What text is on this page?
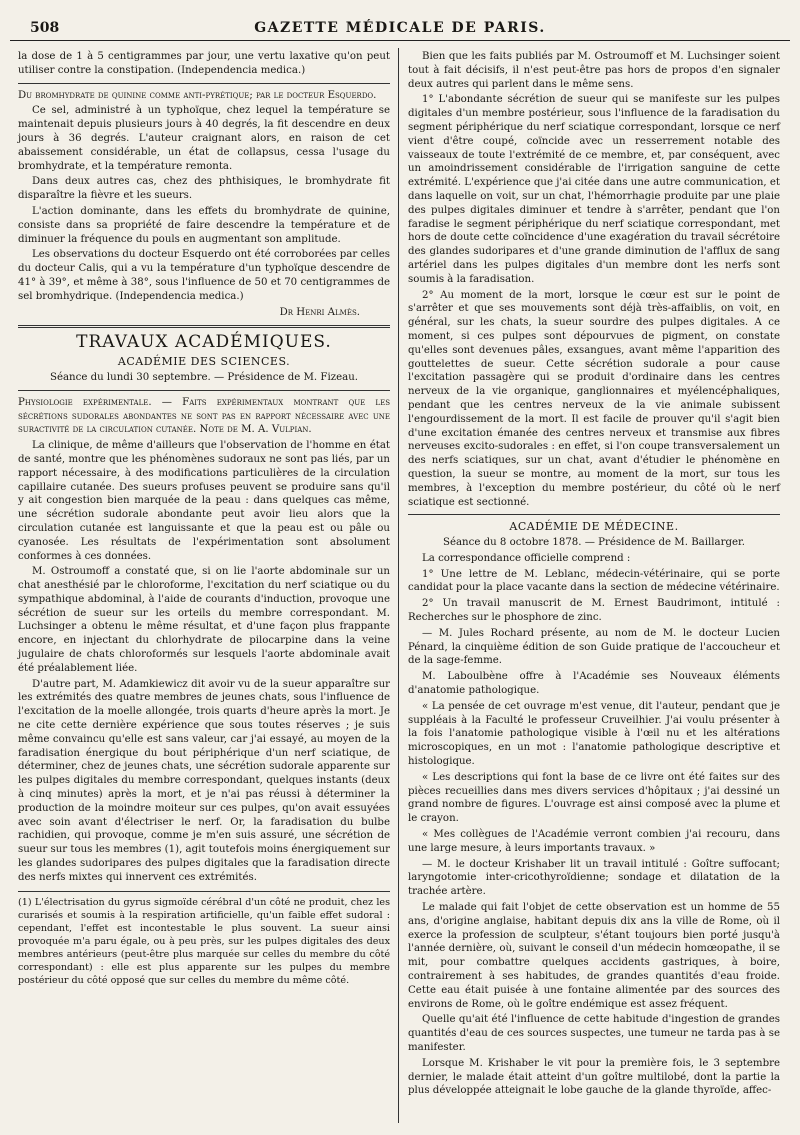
508	GAZETTE MÉDICALE DE PARIS.

la dose de 1 à 5 centigrammes par jour, une vertu laxative qu'on peut utiliser contre la constipation. (Independencia medica.)

Du bromhydrate de quinine comme anti-pyrétique; par le docteur Esquerdo.

Ce sel, administré à un typhoïque, chez lequel la température se maintenait depuis plusieurs jours à 40 degrés, la fit descendre en deux jours à 36 degrés. L'auteur craignant alors, en raison de cet abaissement considérable, un état de collapsus, cessa l'usage du bromhydrate, et la température remonta.

Dans deux autres cas, chez des phthisiques, le bromhydrate fit disparaître la fièvre et les sueurs.

L'action dominante, dans les effets du bromhydrate de quinine, consiste dans sa propriété de faire descendre la température et de diminuer la fréquence du pouls en augmentant son amplitude.

Les observations du docteur Esquerdo ont été corroborées par celles du docteur Calis, qui a vu la température d'un typhoïque descendre de 41° à 39°, et même à 38°, sous l'influence de 50 et 70 centigrammes de sel bromhydrique. (Independencia medica.)

Dr Henri Almès.

TRAVAUX ACADÉMIQUES.
ACADÉMIE DES SCIENCES.

Séance du lundi 30 septembre. — Présidence de M. Fizeau.

Physiologie expérimentale. — Faits expérimentaux montrant que les sécrétions sudorales abondantes ne sont pas en rapport nécessaire avec une suractivité de la circulation cutanée. Note de M. A. Vulpian.

La clinique, de même d'ailleurs que l'observation de l'homme en état de santé, montre que les phénomènes sudoraux ne sont pas liés, par un rapport nécessaire, à des modifications particulières de la circulation capillaire cutanée. Des sueurs profuses peuvent se produire sans qu'il y ait congestion bien marquée de la peau : dans quelques cas même, une sécrétion sudorale abondante peut avoir lieu alors que la circulation cutanée est languissante et que la peau est ou pâle ou cyanosée. Les résultats de l'expérimentation sont absolument conformes à ces données.

M. Ostroumoff a constaté que, si on lie l'aorte abdominale sur un chat anesthésié par le chloroforme, l'excitation du nerf sciatique ou du sympathique abdominal, à l'aide de courants d'induction, provoque une sécrétion de sueur sur les orteils du membre correspondant. M. Luchsinger a obtenu le même résultat, et d'une façon plus frappante encore, en injectant du chlorhydrate de pilocarpine dans la veine jugulaire de chats chloroformés sur lesquels l'aorte abdominale avait été préalablement liée.

D'autre part, M. Adamkiewicz dit avoir vu de la sueur apparaître sur les extrémités des quatre membres de jeunes chats, sous l'influence de l'excitation de la moelle allongée, trois quarts d'heure après la mort. Je ne cite cette dernière expérience que sous toutes réserves ; je suis même convaincu qu'elle est sans valeur, car j'ai essayé, au moyen de la faradisation énergique du bout périphérique d'un nerf sciatique, de déterminer, chez de jeunes chats, une sécrétion sudorale apparente sur les pulpes digitales du membre correspondant, quelques instants (deux à cinq minutes) après la mort, et je n'ai pas réussi à déterminer la production de la moindre moiteur sur ces pulpes, qu'on avait essuyées avec soin avant d'électriser le nerf. Or, la faradisation du bulbe rachidien, qui provoque, comme je m'en suis assuré, une sécrétion de sueur sur tous les membres (1), agit toutefois moins énergiquement sur les glandes sudoripares des pulpes digitales que la faradisation directe des nerfs mixtes qui innervent ces extrémités.

(1) L'électrisation du gyrus sigmoïde cérébral d'un côté ne produit, chez les curarisés et soumis à la respiration artificielle, qu'un faible effet sudoral : cependant, l'effet est incontestable le plus souvent. La sueur ainsi provoquée m'a paru égale, ou à peu près, sur les pulpes digitales des deux membres antérieurs (peut-être plus marquée sur celles du membre du côté correspondant) : elle est plus apparente sur les pulpes du membre postérieur du côté opposé que sur celles du membre du même côté.

Bien que les faits publiés par M. Ostroumoff et M. Luchsinger soient tout à fait décisifs, il n'est peut-être pas hors de propos d'en signaler deux autres qui parlent dans le même sens.

1° L'abondante sécrétion de sueur qui se manifeste sur les pulpes digitales d'un membre postérieur, sous l'influence de la faradisation du segment périphérique du nerf sciatique correspondant, lorsque ce nerf vient d'être coupé, coïncide avec un resserrement notable des vaisseaux de toute l'extrémité de ce membre, et, par conséquent, avec un amoindrissement considérable de l'irrigation sanguine de cette extrémité. L'expérience que j'ai citée dans une autre communication, et dans laquelle on voit, sur un chat, l'hémorrhagie produite par une plaie des pulpes digitales diminuer et tendre à s'arrêter, pendant que l'on faradise le segment périphérique du nerf sciatique correspondant, met hors de doute cette coïncidence d'une exagération du travail sécrétoire des glandes sudoripares et d'une grande diminution de l'afflux de sang artériel dans les pulpes digitales d'un membre dont les nerfs sont soumis à la faradisation.

2° Au moment de la mort, lorsque le cœur est sur le point de s'arrêter et que ses mouvements sont déjà très-affaiblis, on voit, en général, sur les chats, la sueur sourdre des pulpes digitales. A ce moment, si ces pulpes sont dépourvues de pigment, on constate qu'elles sont devenues pâles, exsangues, avant même l'apparition des gouttelettes de sueur. Cette sécrétion sudorale a pour cause l'excitation passagère qui se produit d'ordinaire dans les centres nerveux de la vie organique, ganglionnaires et myélencéphaliques, pendant que les centres nerveux de la vie animale subissent l'engourdissement de la mort. Il est facile de prouver qu'il s'agit bien d'une excitation émanée des centres nerveux et transmise aux fibres nerveuses excito-sudorales : en effet, si l'on coupe transversalement un des nerfs sciatiques, sur un chat, avant d'étudier le phénomène en question, la sueur se montre, au moment de la mort, sur tous les membres, à l'exception du membre postérieur, du côté où le nerf sciatique est sectionné.

ACADÉMIE DE MÉDECINE.

Séance du 8 octobre 1878. — Présidence de M. Baillarger.

La correspondance officielle comprend :

1° Une lettre de M. Leblanc, médecin-vétérinaire, qui se porte candidat pour la place vacante dans la section de médecine vétérinaire.

2° Un travail manuscrit de M. Ernest Baudrimont, intitulé : Recherches sur le phosphore de zinc.

— M. Jules Rochard présente, au nom de M. le docteur Lucien Pénard, la cinquième édition de son Guide pratique de l'accoucheur et de la sage-femme.

M. Laboulbène offre à l'Académie ses Nouveaux éléments d'anatomie pathologique.

« La pensée de cet ouvrage m'est venue, dit l'auteur, pendant que je suppléais à la Faculté le professeur Cruveilhier. J'ai voulu présenter à la fois l'anatomie pathologique visible à l'œil nu et les altérations microscopiques, en un mot : l'anatomie pathologique descriptive et histologique.

« Les descriptions qui font la base de ce livre ont été faites sur des pièces recueillies dans mes divers services d'hôpitaux ; j'ai dessiné un grand nombre de figures. L'ouvrage est ainsi composé avec la plume et le crayon.

« Mes collègues de l'Académie verront combien j'ai recouru, dans une large mesure, à leurs importants travaux. »

— M. le docteur Krishaber lit un travail intitulé : Goître suffocant; laryngotomie inter-cricothyroïdienne; sondage et dilatation de la trachée artère.

Le malade qui fait l'objet de cette observation est un homme de 55 ans, d'origine anglaise, habitant depuis dix ans la ville de Rome, où il exerce la profession de sculpteur, s'étant toujours bien porté jusqu'à l'année dernière, où, suivant le conseil d'un médecin homœopathe, il se mit, pour combattre quelques accidents gastriques, à boire, contrairement à ses habitudes, de grandes quantités d'eau froide. Cette eau était puisée à une fontaine alimentée par des sources des environs de Rome, où le goître endémique est assez fréquent.

Quelle qu'ait été l'influence de cette habitude d'ingestion de grandes quantités d'eau de ces sources suspectes, une tumeur ne tarda pas à se manifester.

Lorsque M. Krishaber le vit pour la première fois, le 3 septembre dernier, le malade était atteint d'un goître multilobé, dont la partie la plus développée atteignait le lobe gauche de la glande thyroïde, affec-
